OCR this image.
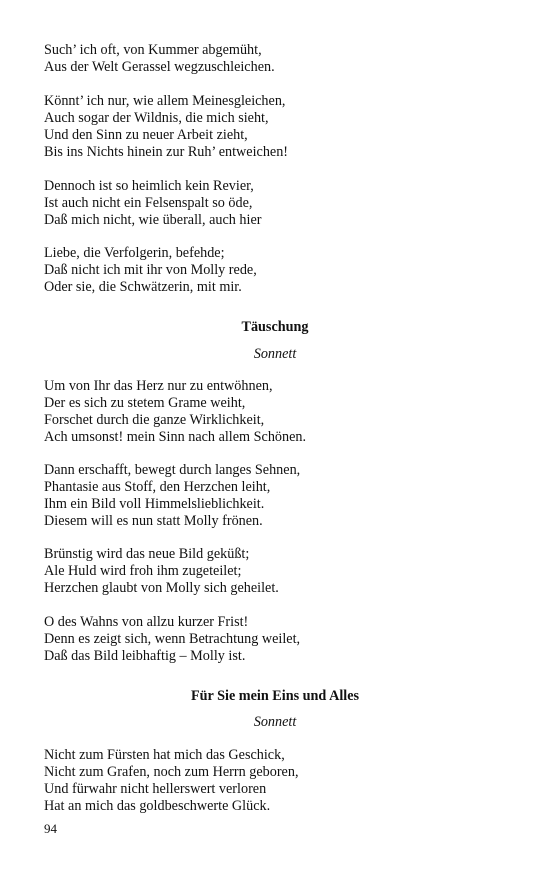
Such’ ich oft, von Kummer abgemüht,
Aus der Welt Gerassel wegzuschleichen.
Könnt’ ich nur, wie allem Meinesgleichen,
Auch sogar der Wildnis, die mich sieht,
Und den Sinn zu neuer Arbeit zieht,
Bis ins Nichts hinein zur Ruh’ entweichen!
Dennoch ist so heimlich kein Revier,
Ist auch nicht ein Felsenspalt so öde,
Daß mich nicht, wie überall, auch hier
Liebe, die Verfolgerin, befehde;
Daß nicht ich mit ihr von Molly rede,
Oder sie, die Schwätzerin, mit mir.
Täuschung
Sonnett
Um von Ihr das Herz nur zu entwöhnen,
Der es sich zu stetem Grame weiht,
Forschet durch die ganze Wirklichkeit,
Ach umsonst! mein Sinn nach allem Schönen.
Dann erschafft, bewegt durch langes Sehnen,
Phantasie aus Stoff, den Herzchen leiht,
Ihm ein Bild voll Himmelslieblichkeit.
Diesem will es nun statt Molly frönen.
Brünstig wird das neue Bild geküßt;
Ale Huld wird froh ihm zugeteilet;
Herzchen glaubt von Molly sich geheilet.
O des Wahns von allzu kurzer Frist!
Denn es zeigt sich, wenn Betrachtung weilet,
Daß das Bild leibhaftig – Molly ist.
Für Sie mein Eins und Alles
Sonnett
Nicht zum Fürsten hat mich das Geschick,
Nicht zum Grafen, noch zum Herrn geboren,
Und fürwahr nicht hellerswert verloren
Hat an mich das goldbeschwerte Glück.
94
